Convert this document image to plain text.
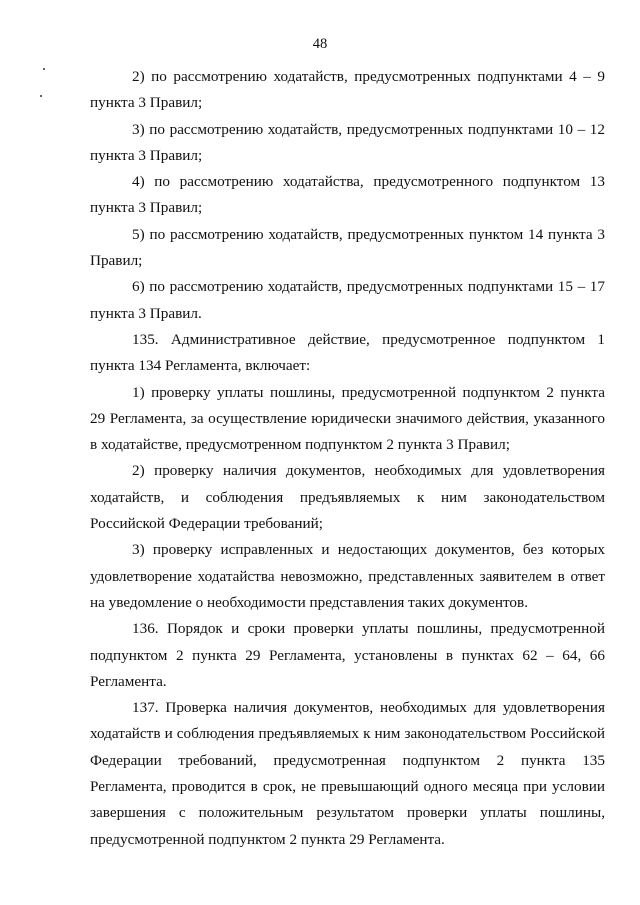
48

2) по рассмотрению ходатайств, предусмотренных подпунктами 4 – 9 пункта 3 Правил;

3) по рассмотрению ходатайств, предусмотренных подпунктами 10 – 12 пункта 3 Правил;

4) по рассмотрению ходатайства, предусмотренного подпунктом 13 пункта 3 Правил;

5) по рассмотрению ходатайств, предусмотренных пунктом 14 пункта 3 Правил;

6) по рассмотрению ходатайств, предусмотренных подпунктами 15 – 17 пункта 3 Правил.

135. Административное действие, предусмотренное подпунктом 1 пункта 134 Регламента, включает:

1) проверку уплаты пошлины, предусмотренной подпунктом 2 пункта 29 Регламента, за осуществление юридически значимого действия, указанного в ходатайстве, предусмотренном подпунктом 2 пункта 3 Правил;

2) проверку наличия документов, необходимых для удовлетворения ходатайств, и соблюдения предъявляемых к ним законодательством Российской Федерации требований;

3) проверку исправленных и недостающих документов, без которых удовлетворение ходатайства невозможно, представленных заявителем в ответ на уведомление о необходимости представления таких документов.

136. Порядок и сроки проверки уплаты пошлины, предусмотренной подпунктом 2 пункта 29 Регламента, установлены в пунктах 62 – 64, 66 Регламента.

137. Проверка наличия документов, необходимых для удовлетворения ходатайств и соблюдения предъявляемых к ним законодательством Российской Федерации требований, предусмотренная подпунктом 2 пункта 135 Регламента, проводится в срок, не превышающий одного месяца при условии завершения с положительным результатом проверки уплаты пошлины, предусмотренной подпунктом 2 пункта 29 Регламента.
